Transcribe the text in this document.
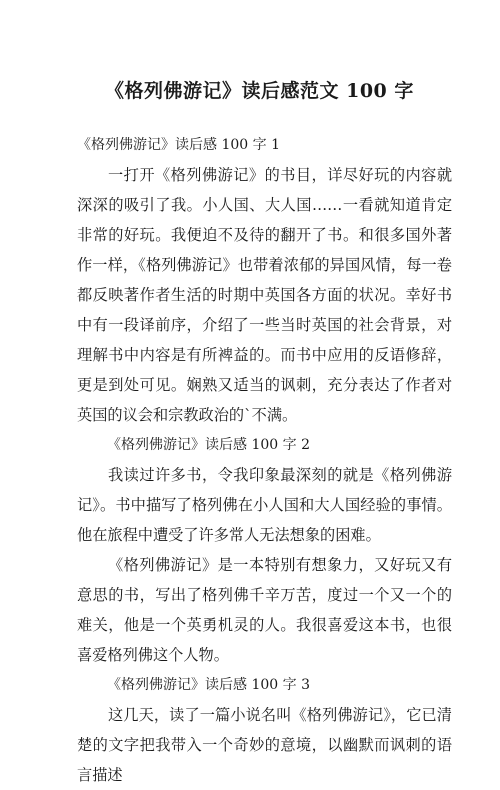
《格列佛游记》读后感范文 100 字

《格列佛游记》读后感 100 字 1

一打开《格列佛游记》的书目，详尽好玩的内容就深深的吸引了我。小人国、大人国……一看就知道肯定非常的好玩。我便迫不及待的翻开了书。和很多国外著作一样，《格列佛游记》也带着浓郁的异国风情，每一卷都反映著作者生活的时期中英国各方面的状况。幸好书中有一段译前序，介绍了一些当时英国的社会背景，对理解书中内容是有所裨益的。而书中应用的反语修辞，更是到处可见。娴熟又适当的讽刺，充分表达了作者对英国的议会和宗教政治的`不满。

《格列佛游记》读后感 100 字 2

我读过许多书，令我印象最深刻的就是《格列佛游记》。书中描写了格列佛在小人国和大人国经验的事情。他在旅程中遭受了许多常人无法想象的困难。

《格列佛游记》是一本特别有想象力，又好玩又有意思的书，写出了格列佛千辛万苦，度过一个又一个的难关，他是一个英勇机灵的人。我很喜爱这本书，也很喜爱格列佛这个人物。

《格列佛游记》读后感 100 字 3

这几天，读了一篇小说名叫《格列佛游记》，它已清楚的文字把我带入一个奇妙的意境，以幽默而讽刺的语言描述
